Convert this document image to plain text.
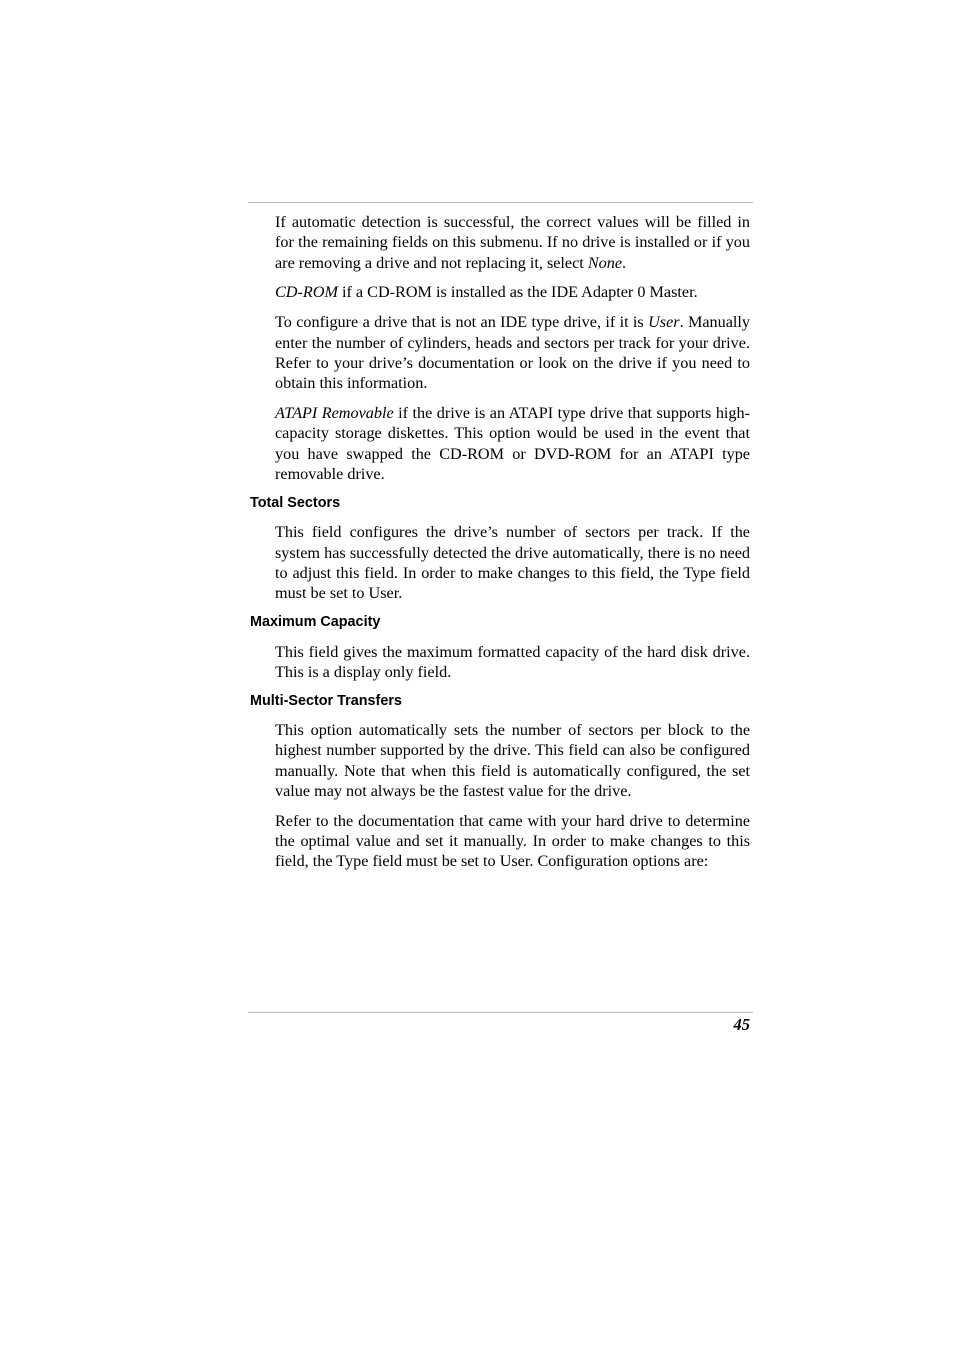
If automatic detection is successful, the correct values will be filled in for the remaining fields on this submenu. If no drive is installed or if you are removing a drive and not replacing it, select None.

CD-ROM if a CD-ROM is installed as the IDE Adapter 0 Master.

To configure a drive that is not an IDE type drive, if it is User. Manually enter the number of cylinders, heads and sectors per track for your drive. Refer to your drive’s documentation or look on the drive if you need to obtain this information.

ATAPI Removable if the drive is an ATAPI type drive that supports high-capacity storage diskettes. This option would be used in the event that you have swapped the CD-ROM or DVD-ROM for an ATAPI type removable drive.

Total Sectors

This field configures the drive’s number of sectors per track. If the system has successfully detected the drive automatically, there is no need to adjust this field. In order to make changes to this field, the Type field must be set to User.

Maximum Capacity

This field gives the maximum formatted capacity of the hard disk drive. This is a display only field.

Multi-Sector Transfers

This option automatically sets the number of sectors per block to the highest number supported by the drive. This field can also be configured manually. Note that when this field is automatically configured, the set value may not always be the fastest value for the drive.

Refer to the documentation that came with your hard drive to determine the optimal value and set it manually. In order to make changes to this field, the Type field must be set to User. Configuration options are:

45
